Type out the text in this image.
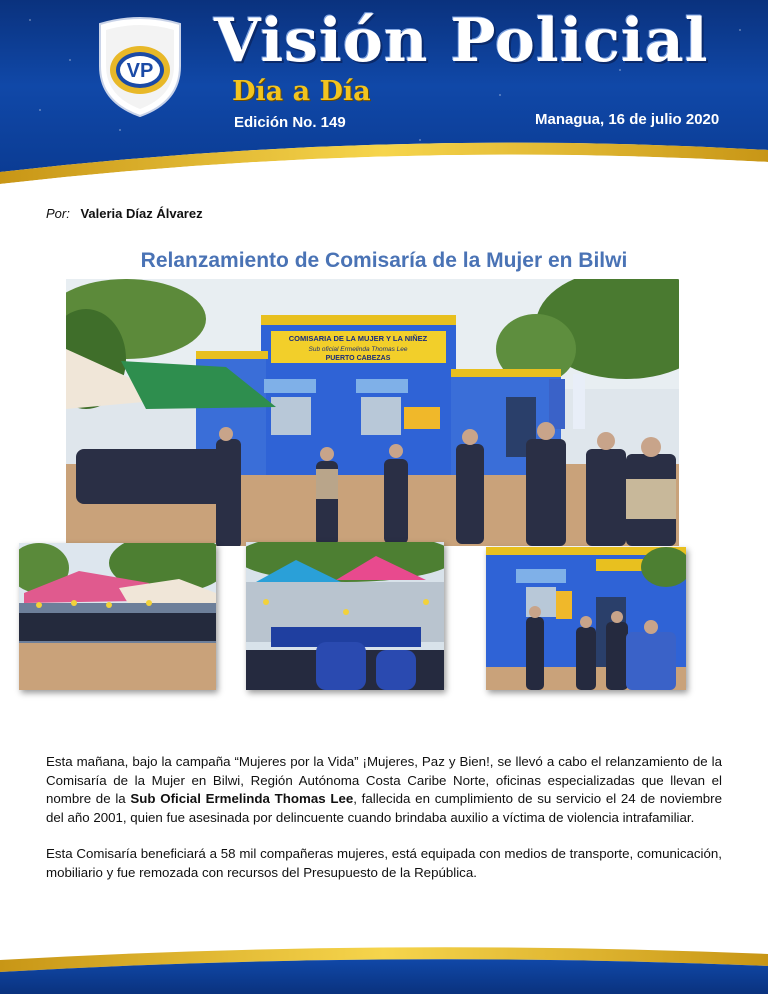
VP Visión Policial
Día a Día
Edición No. 149	Managua, 16 de julio 2020
Por: Valeria Díaz Álvarez
Relanzamiento de Comisaría de la Mujer en Bilwi
COMISARIA DE LA MUJER Y LA NIÑEZ
Sub oficial Ermelinda Thomas Lee
PUERTO CABEZAS

Esta mañana, bajo la campaña “Mujeres por la Vida” ¡Mujeres, Paz y Bien!, se llevó a cabo el relanzamiento de la Comisaría de la Mujer en Bilwi, Región Autónoma Costa Caribe Norte, oficinas especializadas que llevan el nombre de la Sub Oficial Ermelinda Thomas Lee, fallecida en cumplimiento de su servicio el 24 de noviembre del año 2001, quien fue asesinada por delincuente cuando brindaba auxilio a víctima de violencia intrafamiliar.

Esta Comisaría beneficiará a 58 mil compañeras mujeres, está equipada con medios de transporte, comunicación, mobiliario y fue remozada con recursos del Presupuesto de la República.
